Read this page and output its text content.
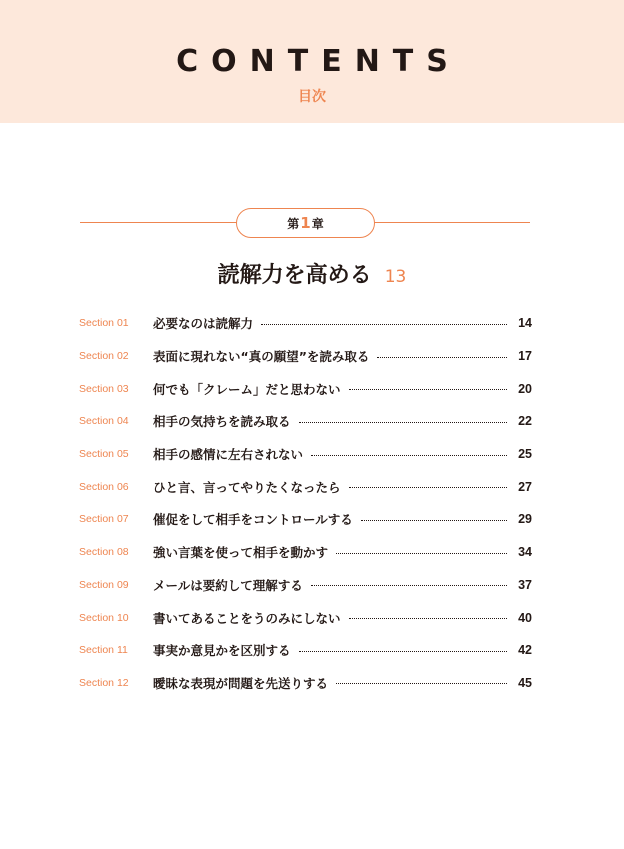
CONTENTS
目次
第 1 章
読解力を高める 13
Section 01	必要なのは読解力	14
Section 02	表面に現れない“真の願望”を読み取る	17
Section 03	何でも「クレーム」だと思わない	20
Section 04	相手の気持ちを読み取る	22
Section 05	相手の感情に左右されない	25
Section 06	ひと言、言ってやりたくなったら	27
Section 07	催促をして相手をコントロールする	29
Section 08	強い言葉を使って相手を動かす	34
Section 09	メールは要約して理解する	37
Section 10	書いてあることをうのみにしない	40
Section 11	事実か意見かを区別する	42
Section 12	曖昧な表現が問題を先送りする	45
